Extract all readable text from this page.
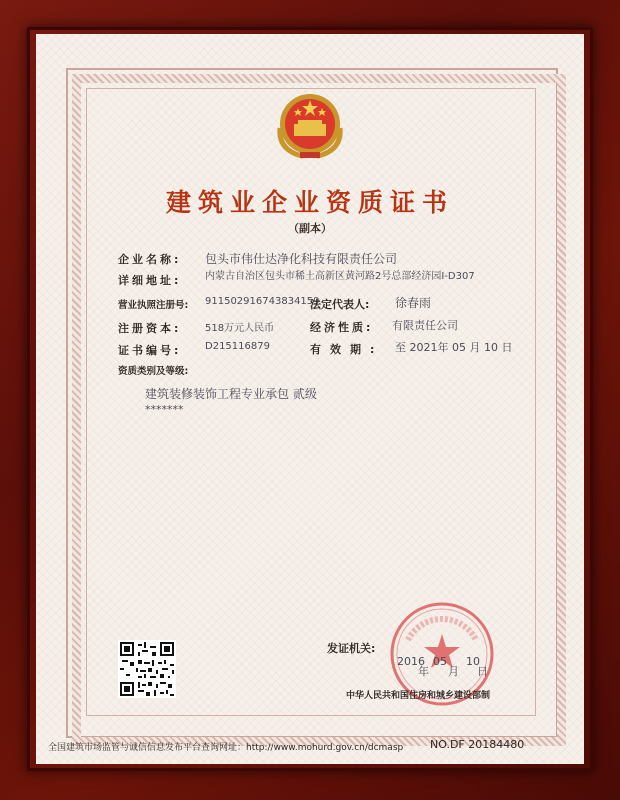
建筑业企业资质证书
（副本）
企业名称: 包头市伟仕达净化科技有限责任公司
详细地址: 内蒙古自治区包头市稀土高新区黄河路2号总部经济园I-D307
营业执照注册号: 911502916743834159
法定代表人: 徐春雨
注册资本: 518万元人民币	经济性质: 有限责任公司
证书编号: D215116879	有效期: 至 2021年 05 月 10 日
资质类别及等级:
建筑装修装饰工程专业承包 贰级
*******
发证机关:
2016
年
05
月
10
日
中华人民共和国住房和城乡建设部制
全国建筑市场监管与诚信信息发布平台查询网址：http://www.mohurd.gov.cn/dcmasp NO.DF 20184480
